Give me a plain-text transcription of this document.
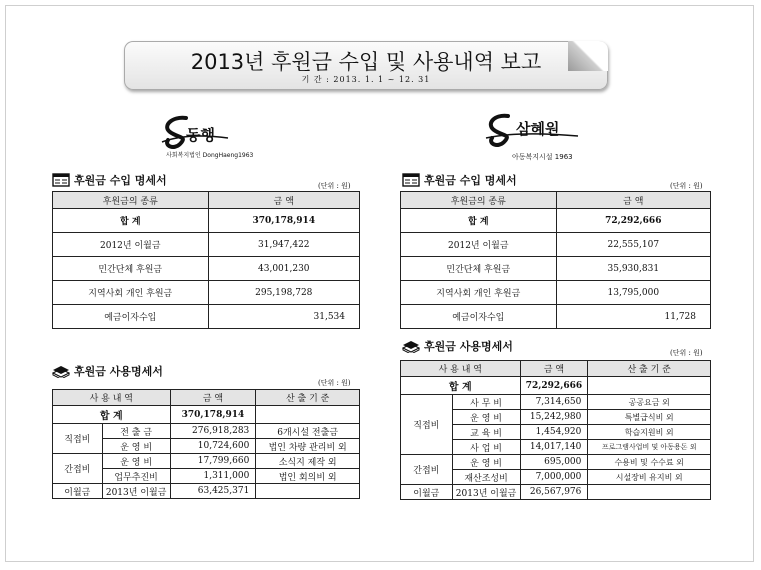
2013년 후원금 수입 및 사용내역 보고
기 간 : 2013. 1. 1 ~ 12. 31
동행
사회복지법인 DongHaeng1963
삼혜원
아동복지시설 1963
후원금 수입 명세서	(단위 : 원)
후원금의 종류	금 액
합 계	370,178,914
2012년 이월금	31,947,422
민간단체 후원금	43,001,230
지역사회 개인 후원금	295,198,728
예금이자수입	31,534
후원금 사용명세서
(단위 : 원)
사 용 내 역		금 액	산 출 기 준
합 계		370,178,914	
직접비	전 출 금	276,918,283	6개시설 전출금
	운 영 비	10,724,600	법인 차량 관리비 외
간접비	운 영 비	17,799,660	소식지 제작 외
	업무추진비	1,311,000	법인 회의비 외
이월금	2013년 이월금	63,425,371	
후원금 수입 명세서	(단위 : 원)
후원금의 종류	금 액
합 계	72,292,666
2012년 이월금	22,555,107
민간단체 후원금	35,930,831
지역사회 개인 후원금	13,795,000
예금이자수입	11,728
후원금 사용명세서	(단위 : 원)
사 용 내 역		금 액	산 출 기 준
합 계		72,292,666	
직접비	사 무 비	7,314,650	공공요금 외
	운 영 비	15,242,980	특별급식비 외
	교 육 비	1,454,920	학습지원비 외
	사 업 비	14,017,140	프로그램사업비 및 아동용돈 외
간접비	운 영 비	695,000	수용비 및 수수료 외
	재산조성비	7,000,000	시설장비 유지비 외
이월금	2013년 이월금	26,567,976	
